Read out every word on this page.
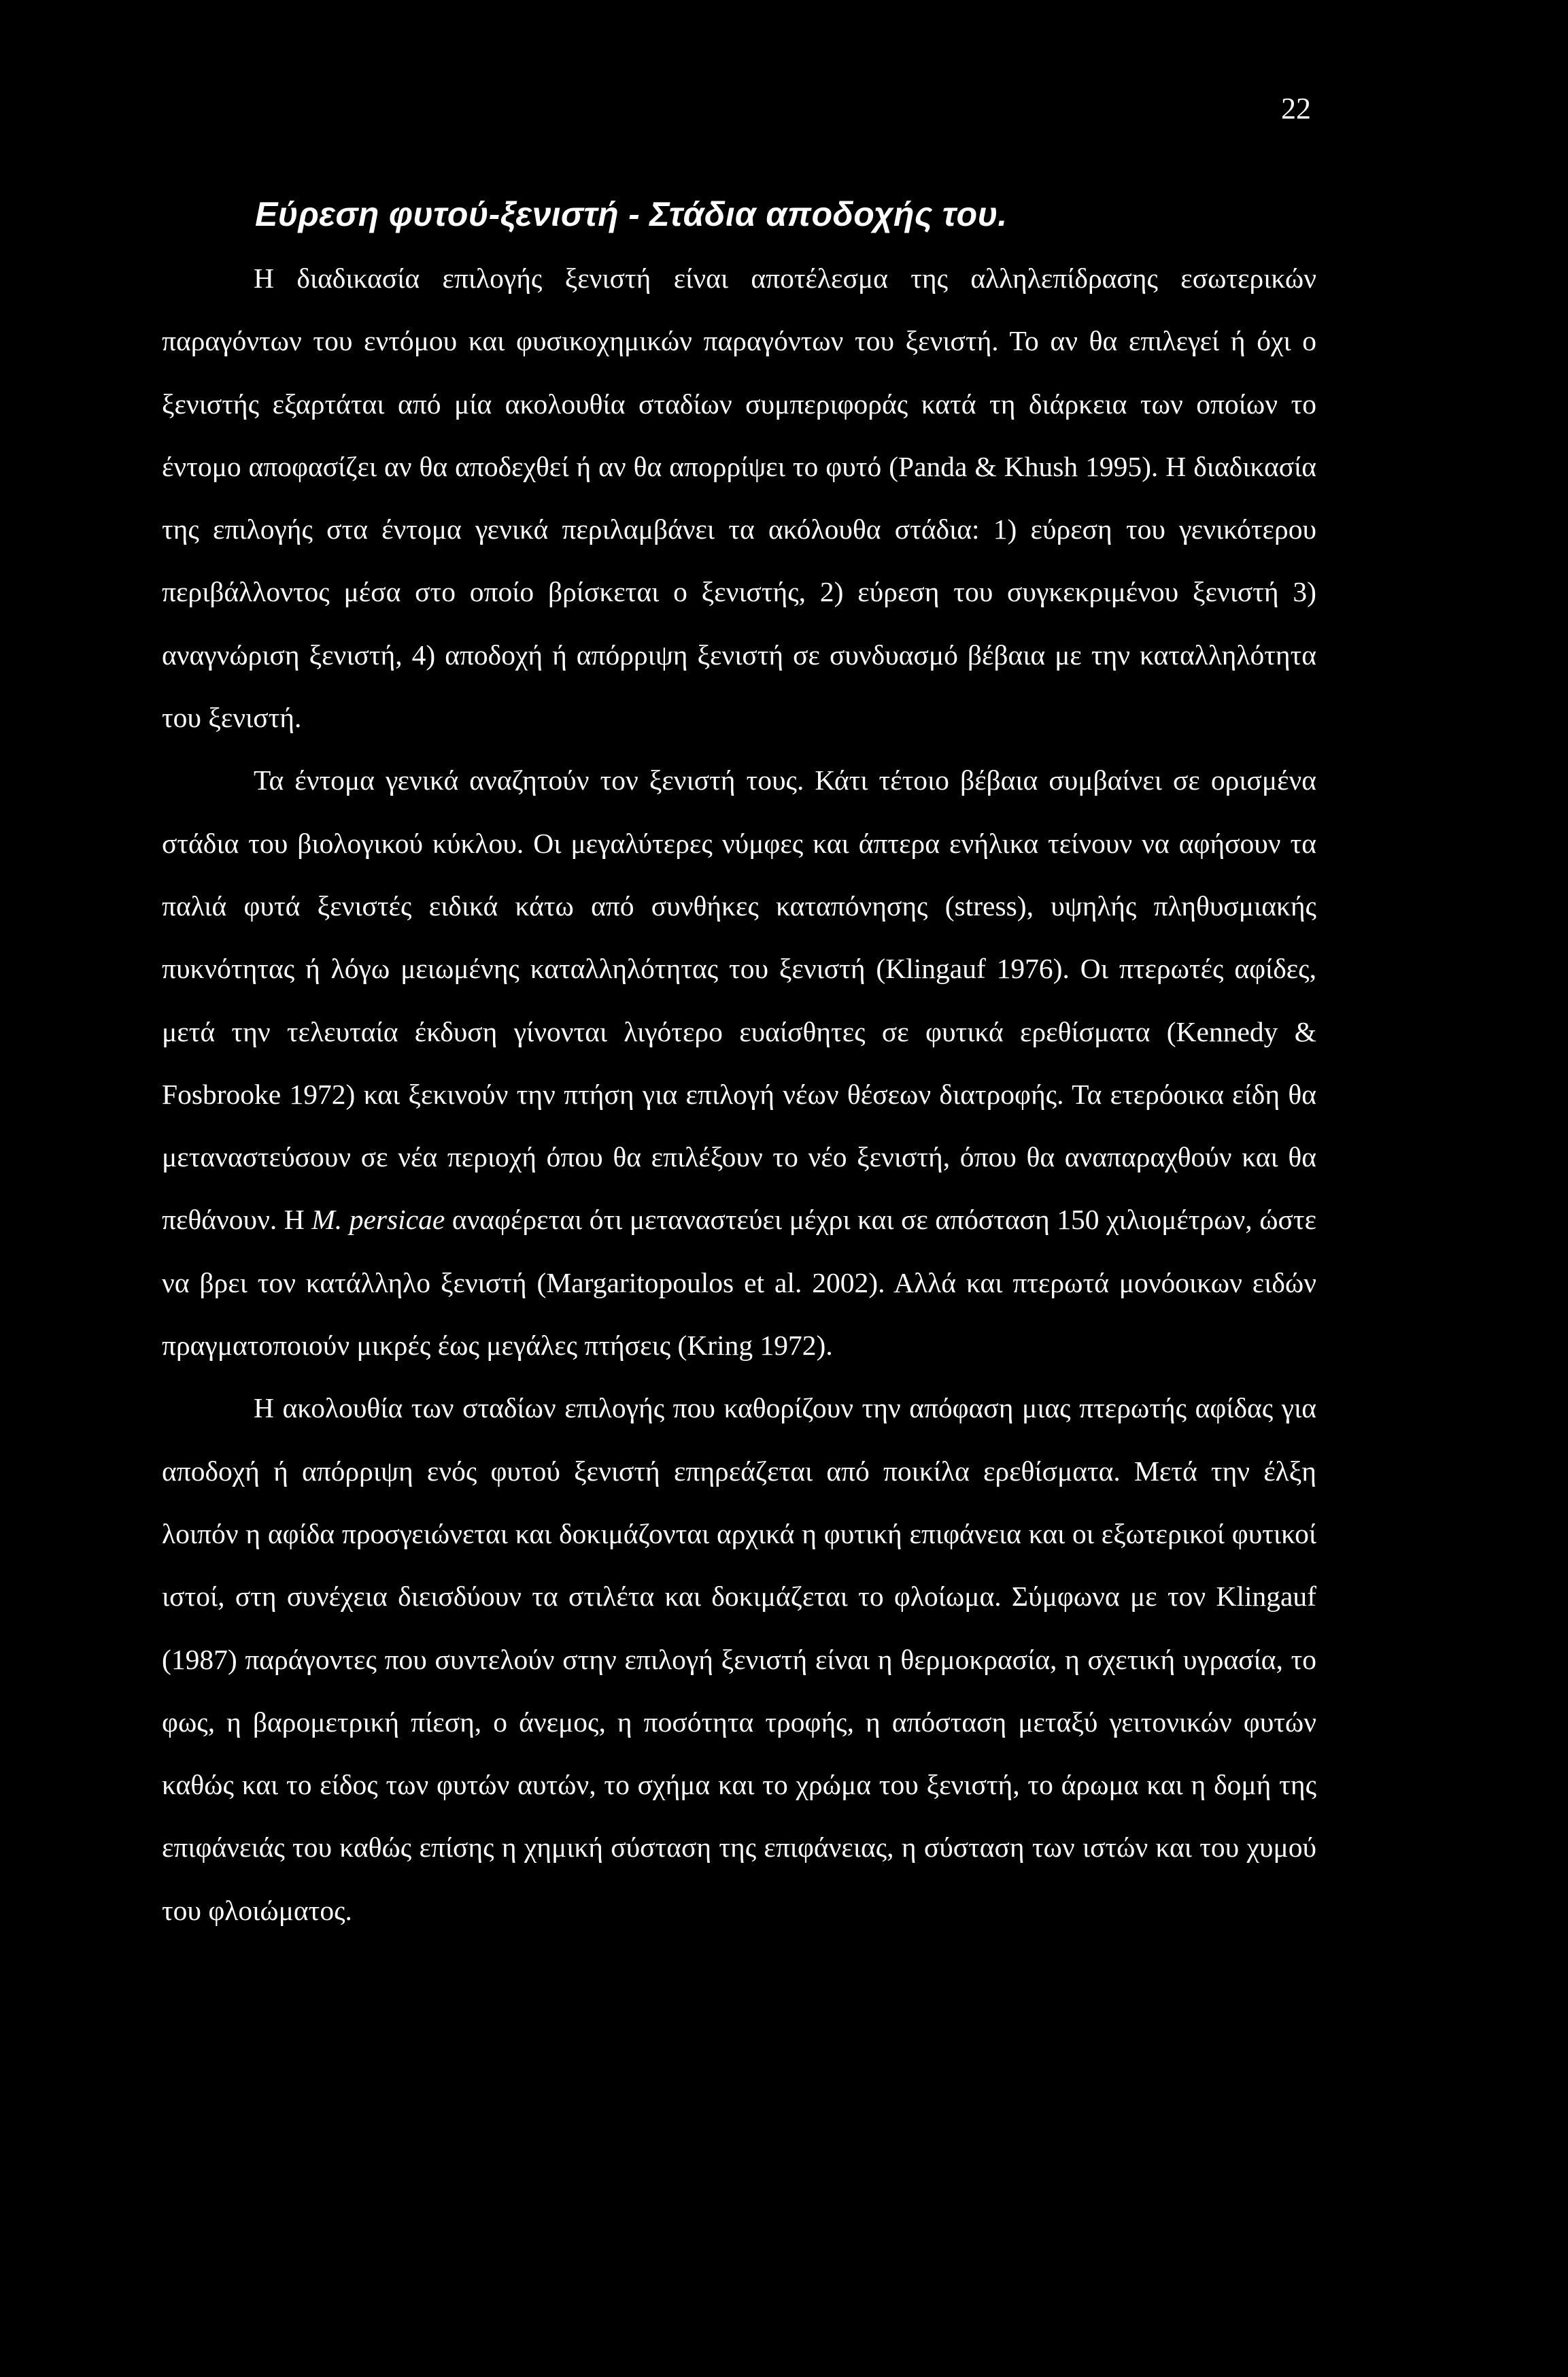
22
Εύρεση φυτού-ξενιστή - Στάδια αποδοχής του.

Η διαδικασία επιλογής ξενιστή είναι αποτέλεσμα της αλληλεπίδρασης εσωτερικών παραγόντων του εντόμου και φυσικοχημικών παραγόντων του ξενιστή. Το αν θα επιλεγεί ή όχι ο ξενιστής εξαρτάται από μία ακολουθία σταδίων συμπεριφοράς κατά τη διάρκεια των οποίων το έντομο αποφασίζει αν θα αποδεχθεί ή αν θα απορρίψει το φυτό (Panda & Khush 1995). Η διαδικασία της επιλογής στα έντομα γενικά περιλαμβάνει τα ακόλουθα στάδια: 1) εύρεση του γενικότερου περιβάλλοντος μέσα στο οποίο βρίσκεται ο ξενιστής, 2) εύρεση του συγκεκριμένου ξενιστή 3) αναγνώριση ξενιστή, 4) αποδοχή ή απόρριψη ξενιστή σε συνδυασμό βέβαια με την καταλληλότητα του ξενιστή.

Τα έντομα γενικά αναζητούν τον ξενιστή τους. Κάτι τέτοιο βέβαια συμβαίνει σε ορισμένα στάδια του βιολογικού κύκλου. Οι μεγαλύτερες νύμφες και άπτερα ενήλικα τείνουν να αφήσουν τα παλιά φυτά ξενιστές ειδικά κάτω από συνθήκες καταπόνησης (stress), υψηλής πληθυσμιακής πυκνότητας ή λόγω μειωμένης καταλληλότητας του ξενιστή (Klingauf 1976). Οι πτερωτές αφίδες, μετά την τελευταία έκδυση γίνονται λιγότερο ευαίσθητες σε φυτικά ερεθίσματα (Kennedy & Fosbrooke 1972) και ξεκινούν την πτήση για επιλογή νέων θέσεων διατροφής. Τα ετερόοικα είδη θα μεταναστεύσουν σε νέα περιοχή όπου θα επιλέξουν το νέο ξενιστή, όπου θα αναπαραχθούν και θα πεθάνουν. Η M. persicae αναφέρεται ότι μεταναστεύει μέχρι και σε απόσταση 150 χιλιομέτρων, ώστε να βρει τον κατάλληλο ξενιστή (Margaritopoulos et al. 2002). Αλλά και πτερωτά μονόοικων ειδών πραγματοποιούν μικρές έως μεγάλες πτήσεις (Kring 1972).

Η ακολουθία των σταδίων επιλογής που καθορίζουν την απόφαση μιας πτερωτής αφίδας για αποδοχή ή απόρριψη ενός φυτού ξενιστή επηρεάζεται από ποικίλα ερεθίσματα. Μετά την έλξη λοιπόν η αφίδα προσγειώνεται και δοκιμάζονται αρχικά η φυτική επιφάνεια και οι εξωτερικοί φυτικοί ιστοί, στη συνέχεια διεισδύουν τα στιλέτα και δοκιμάζεται το φλοίωμα. Σύμφωνα με τον Klingauf (1987) παράγοντες που συντελούν στην επιλογή ξενιστή είναι η θερμοκρασία, η σχετική υγρασία, το φως, η βαρομετρική πίεση, ο άνεμος, η ποσότητα τροφής, η απόσταση μεταξύ γειτονικών φυτών καθώς και το είδος των φυτών αυτών, το σχήμα και το χρώμα του ξενιστή, το άρωμα και η δομή της επιφάνειάς του καθώς επίσης η χημική σύσταση της επιφάνειας, η σύσταση των ιστών και του χυμού του φλοιώματος.
